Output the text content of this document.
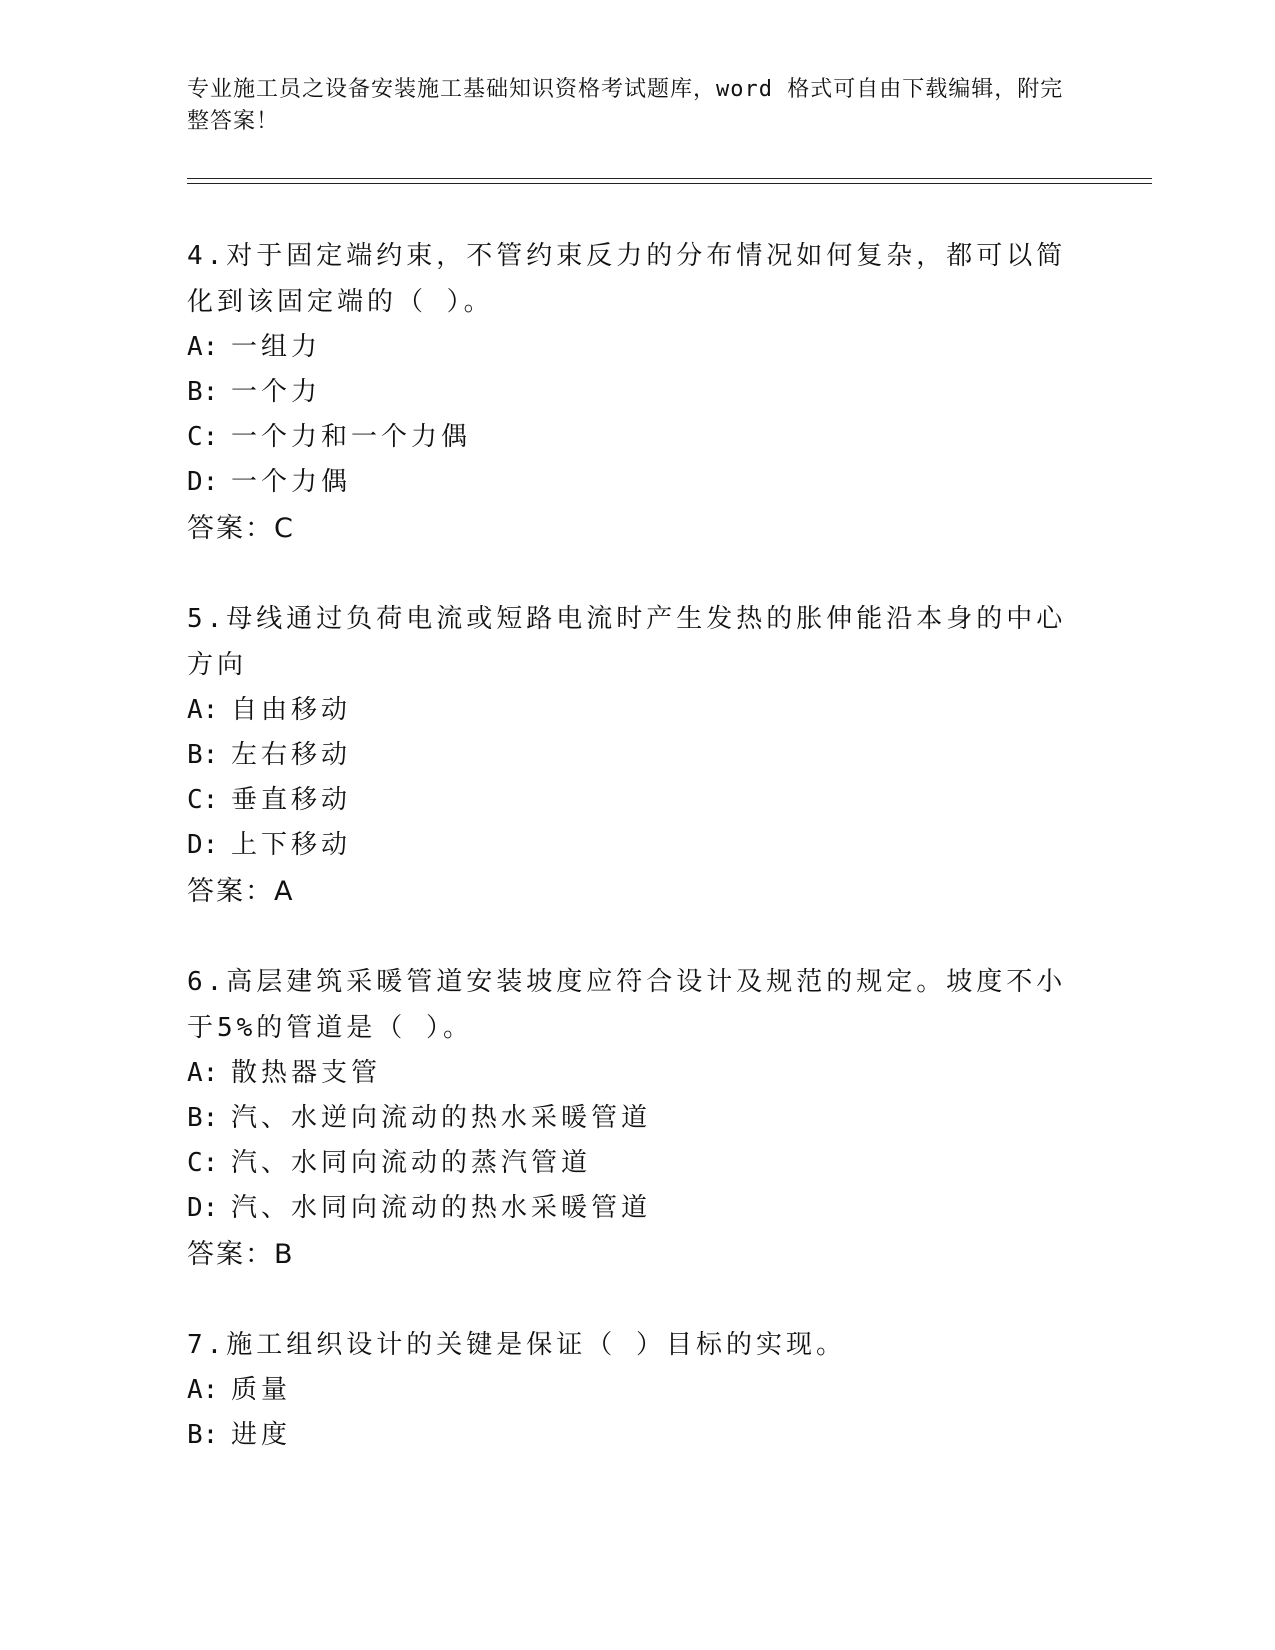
专业施工员之设备安装施工基础知识资格考试题库，word 格式可自由下载编辑，附完整答案！
4.对于固定端约束，不管约束反力的分布情况如何复杂，都可以简化到该固定端的（ ）。
A: 一组力
B: 一个力
C: 一个力和一个力偶
D: 一个力偶
答案：C
5.母线通过负荷电流或短路电流时产生发热的胀伸能沿本身的中心方向
A: 自由移动
B: 左右移动
C: 垂直移动
D: 上下移动
答案：A
6.高层建筑采暖管道安装坡度应符合设计及规范的规定。坡度不小于5%的管道是（ ）。
A: 散热器支管
B: 汽、水逆向流动的热水采暖管道
C: 汽、水同向流动的蒸汽管道
D: 汽、水同向流动的热水采暖管道
答案：B
7.施工组织设计的关键是保证（ ）目标的实现。
A: 质量
B: 进度
